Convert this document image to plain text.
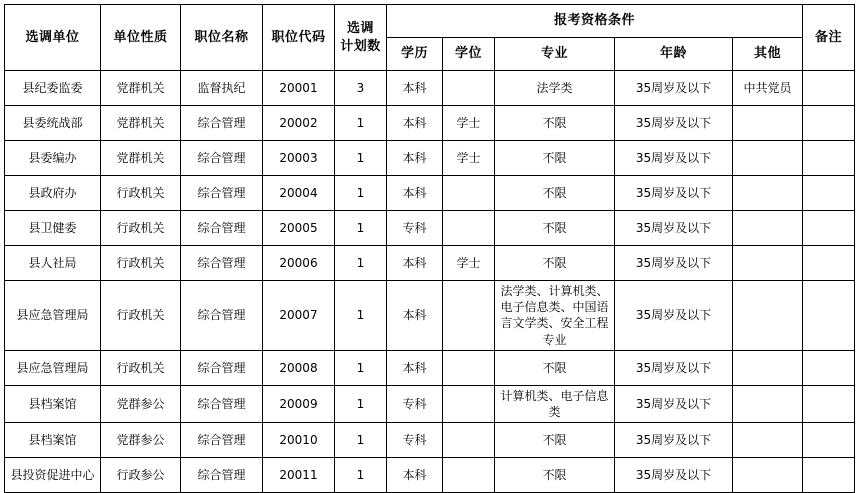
选调单位	单位性质	职位名称	职位代码	选调
计划数	报考资格条件					备注
					学历	学位	专业	年龄	其他	
县纪委监委	党群机关	监督执纪	20001	3	本科		法学类	35周岁及以下	中共党员	
县委统战部	党群机关	综合管理	20002	1	本科	学士	不限	35周岁及以下		
县委编办	党群机关	综合管理	20003	1	本科	学士	不限	35周岁及以下		
县政府办	行政机关	综合管理	20004	1	本科		不限	35周岁及以下		
县卫健委	行政机关	综合管理	20005	1	专科		不限	35周岁及以下		
县人社局	行政机关	综合管理	20006	1	本科	学士	不限	35周岁及以下		
县应急管理局	行政机关	综合管理	20007	1	本科		法学类、计算机类、电子信息类、中国语言文学类、安全工程专业	35周岁及以下		
县应急管理局	行政机关	综合管理	20008	1	本科		不限	35周岁及以下		
县档案馆	党群参公	综合管理	20009	1	专科		计算机类、电子信息类	35周岁及以下		
县档案馆	党群参公	综合管理	20010	1	专科		不限	35周岁及以下		
县投资促进中心	行政参公	综合管理	20011	1	本科		不限	35周岁及以下		
